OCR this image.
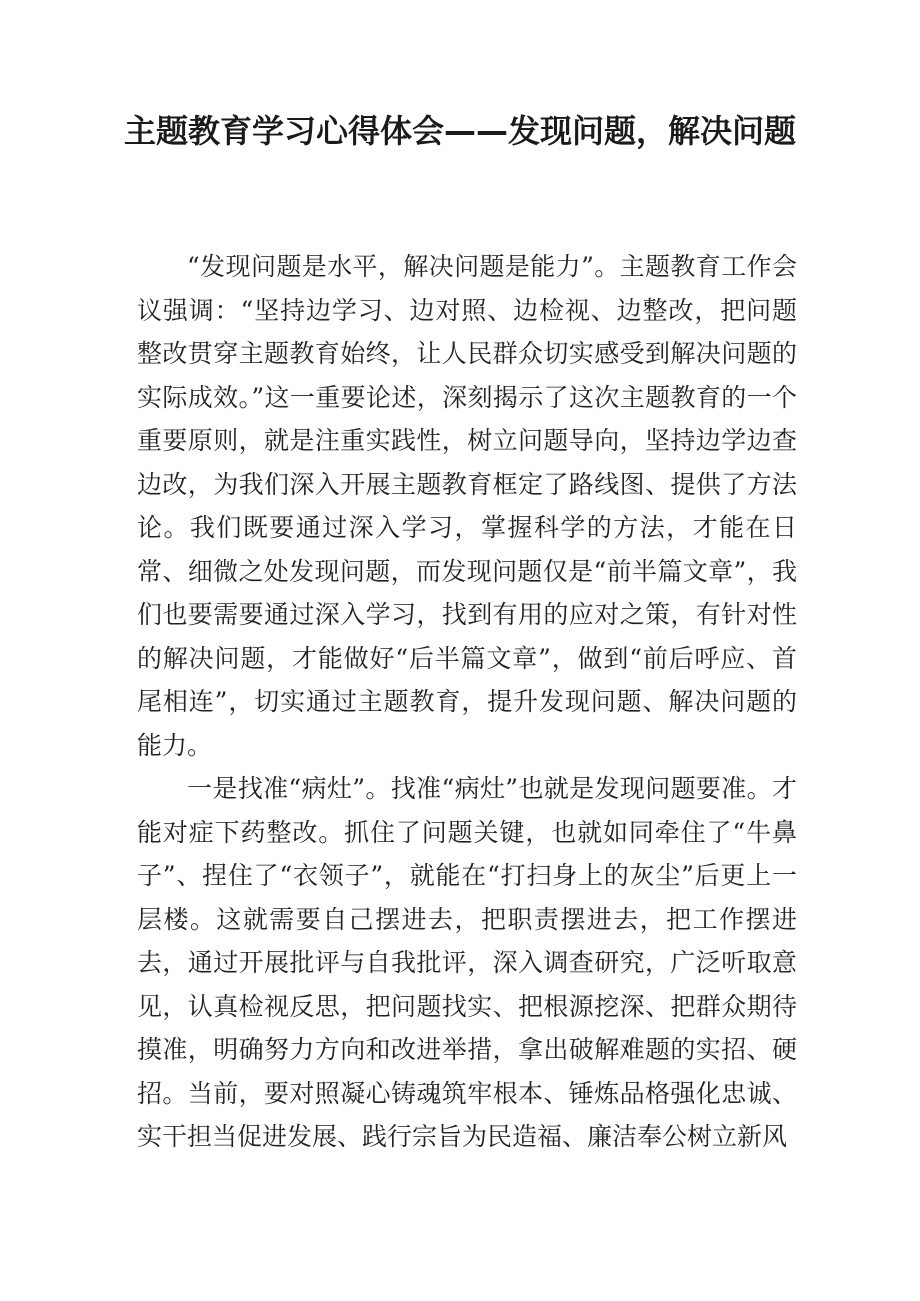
主题教育学习心得体会——发现问题，解决问题

“发现问题是水平，解决问题是能力”。主题教育工作会议强调：“坚持边学习、边对照、边检视、边整改，把问题整改贯穿主题教育始终，让人民群众切实感受到解决问题的实际成效。”这一重要论述，深刻揭示了这次主题教育的一个重要原则，就是注重实践性，树立问题导向，坚持边学边查边改，为我们深入开展主题教育框定了路线图、提供了方法论。我们既要通过深入学习，掌握科学的方法，才能在日常、细微之处发现问题，而发现问题仅是“前半篇文章”，我们也要需要通过深入学习，找到有用的应对之策，有针对性的解决问题，才能做好“后半篇文章”，做到“前后呼应、首尾相连”，切实通过主题教育，提升发现问题、解决问题的能力。

一是找准“病灶”。找准“病灶”也就是发现问题要准。才能对症下药整改。抓住了问题关键，也就如同牵住了“牛鼻子”、捏住了“衣领子”，就能在“打扫身上的灰尘”后更上一层楼。这就需要自己摆进去，把职责摆进去，把工作摆进去，通过开展批评与自我批评，深入调查研究，广泛听取意见，认真检视反思，把问题找实、把根源挖深、把群众期待摸准，明确努力方向和改进举措，拿出破解难题的实招、硬招。当前，要对照凝心铸魂筑牢根本、锤炼品格强化忠诚、实干担当促进发展、践行宗旨为民造福、廉洁奉公树立新风
